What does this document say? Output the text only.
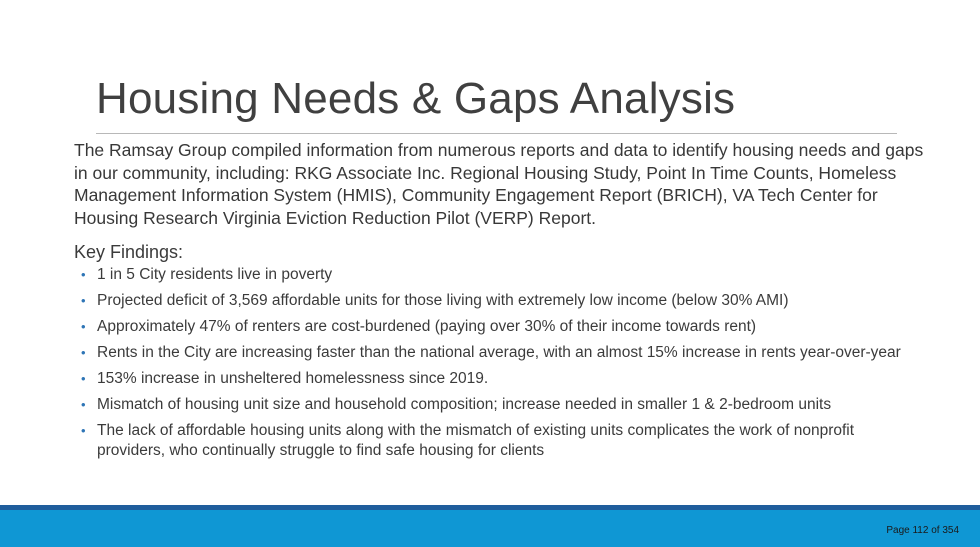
Housing Needs & Gaps Analysis

The Ramsay Group compiled information from numerous reports and data to identify housing needs and gaps in our community, including: RKG Associate Inc. Regional Housing Study, Point In Time Counts, Homeless Management Information System (HMIS), Community Engagement Report (BRICH), VA Tech Center for Housing Research Virginia Eviction Reduction Pilot (VERP) Report.

Key Findings:

• 1 in 5 City residents live in poverty
• Projected deficit of 3,569 affordable units for those living with extremely low income (below 30% AMI)
• Approximately 47% of renters are cost-burdened (paying over 30% of their income towards rent)
• Rents in the City are increasing faster than the national average, with an almost 15% increase in rents year-over-year
• 153% increase in unsheltered homelessness since 2019.
• Mismatch of housing unit size and household composition; increase needed in smaller 1 & 2-bedroom units
• The lack of affordable housing units along with the mismatch of existing units complicates the work of nonprofit providers, who continually struggle to find safe housing for clients
Page 112 of 354
